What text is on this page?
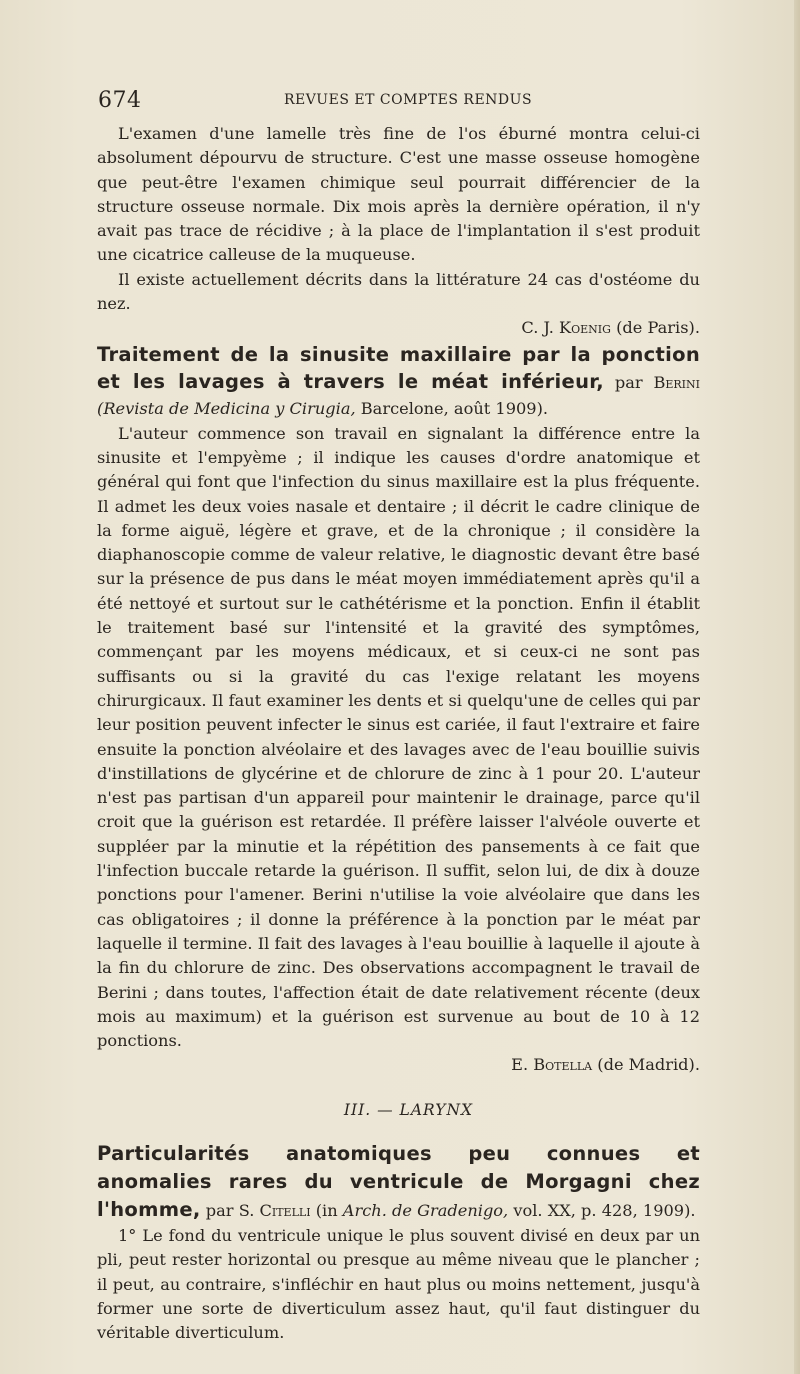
674	REVUES ET COMPTES RENDUS

L'examen d'une lamelle très fine de l'os éburné montra celui-ci absolument dépourvu de structure. C'est une masse osseuse homogène que peut-être l'examen chimique seul pourrait différencier de la structure osseuse normale. Dix mois après la dernière opération, il n'y avait pas trace de récidive ; à la place de l'implantation il s'est produit une cicatrice calleuse de la muqueuse.

Il existe actuellement décrits dans la littérature 24 cas d'ostéome du nez.

C. J. Koenig (de Paris).

Traitement de la sinusite maxillaire par la ponction et les lavages à travers le méat inférieur, par Berini (Revista de Medicina y Cirugia, Barcelone, août 1909).

L'auteur commence son travail en signalant la différence entre la sinusite et l'empyème ; il indique les causes d'ordre anatomique et général qui font que l'infection du sinus maxillaire est la plus fréquente. Il admet les deux voies nasale et dentaire ; il décrit le cadre clinique de la forme aiguë, légère et grave, et de la chronique ; il considère la diaphanoscopie comme de valeur relative, le diagnostic devant être basé sur la présence de pus dans le méat moyen immédiatement après qu'il a été nettoyé et surtout sur le cathétérisme et la ponction. Enfin il établit le traitement basé sur l'intensité et la gravité des symptômes, commençant par les moyens médicaux, et si ceux-ci ne sont pas suffisants ou si la gravité du cas l'exige relatant les moyens chirurgicaux. Il faut examiner les dents et si quelqu'une de celles qui par leur position peuvent infecter le sinus est cariée, il faut l'extraire et faire ensuite la ponction alvéolaire et des lavages avec de l'eau bouillie suivis d'instillations de glycérine et de chlorure de zinc à 1 pour 20. L'auteur n'est pas partisan d'un appareil pour maintenir le drainage, parce qu'il croit que la guérison est retardée. Il préfère laisser l'alvéole ouverte et suppléer par la minutie et la répétition des pansements à ce fait que l'infection buccale retarde la guérison. Il suffit, selon lui, de dix à douze ponctions pour l'amener. Berini n'utilise la voie alvéolaire que dans les cas obligatoires ; il donne la préférence à la ponction par le méat par laquelle il termine. Il fait des lavages à l'eau bouillie à laquelle il ajoute à la fin du chlorure de zinc. Des observations accompagnent le travail de Berini ; dans toutes, l'affection était de date relativement récente (deux mois au maximum) et la guérison est survenue au bout de 10 à 12 ponctions.

E. Botella (de Madrid).

III. — LARYNX

Particularités anatomiques peu connues et anomalies rares du ventricule de Morgagni chez l'homme, par S. Citelli (in Arch. de Gradenigo, vol. XX, p. 428, 1909).

1° Le fond du ventricule unique le plus souvent divisé en deux par un pli, peut rester horizontal ou presque au même niveau que le plancher ; il peut, au contraire, s'infléchir en haut plus ou moins nettement, jusqu'à former une sorte de diverticulum assez haut, qu'il faut distinguer du véritable diverticulum.
